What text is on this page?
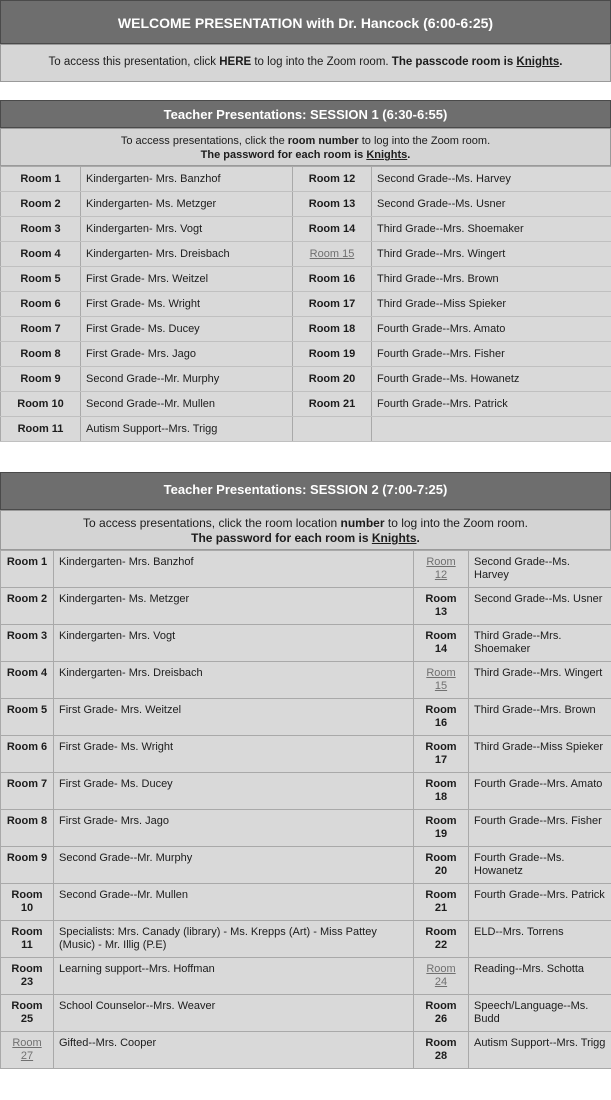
WELCOME PRESENTATION with Dr. Hancock (6:00-6:25)
To access this presentation, click HERE to log into the Zoom room. The passcode room is Knights.
Teacher Presentations: SESSION 1 (6:30-6:55)
To access presentations, click the room number to log into the Zoom room.
The password for each room is Knights.
Room 1	Kindergarten- Mrs. Banzhof	Room 12	Second Grade--Ms. Harvey
Room 2	Kindergarten- Ms. Metzger	Room 13	Second Grade--Ms. Usner
Room 3	Kindergarten- Mrs. Vogt	Room 14	Third Grade--Mrs. Shoemaker
Room 4	Kindergarten- Mrs. Dreisbach	Room 15	Third Grade--Mrs. Wingert
Room 5	First Grade- Mrs. Weitzel	Room 16	Third Grade--Mrs. Brown
Room 6	First Grade- Ms. Wright	Room 17	Third Grade--Miss Spieker
Room 7	First Grade- Ms. Ducey	Room 18	Fourth Grade--Mrs. Amato
Room 8	First Grade- Mrs. Jago	Room 19	Fourth Grade--Mrs. Fisher
Room 9	Second Grade--Mr. Murphy	Room 20	Fourth Grade--Ms. Howanetz
Room 10	Second Grade--Mr. Mullen	Room 21	Fourth Grade--Mrs. Patrick
Room 11	Autism Support--Mrs. Trigg		
Teacher Presentations: SESSION 2 (7:00-7:25)
To access presentations, click the room location number to log into the Zoom room.
The password for each room is Knights.
Room 1	Kindergarten- Mrs. Banzhof	Room 12	Second Grade--Ms. Harvey
Room 2	Kindergarten- Ms. Metzger	Room 13	Second Grade--Ms. Usner
Room 3	Kindergarten- Mrs. Vogt	Room 14	Third Grade--Mrs. Shoemaker
Room 4	Kindergarten- Mrs. Dreisbach	Room 15	Third Grade--Mrs. Wingert
Room 5	First Grade- Mrs. Weitzel	Room 16	Third Grade--Mrs. Brown
Room 6	First Grade- Ms. Wright	Room 17	Third Grade--Miss Spieker
Room 7	First Grade- Ms. Ducey	Room 18	Fourth Grade--Mrs. Amato
Room 8	First Grade- Mrs. Jago	Room 19	Fourth Grade--Mrs. Fisher
Room 9	Second Grade--Mr. Murphy	Room 20	Fourth Grade--Ms. Howanetz
Room 10	Second Grade--Mr. Mullen	Room 21	Fourth Grade--Mrs. Patrick
Room 11	Specialists: Mrs. Canady (library) - Ms. Krepps (Art) - Miss Pattey (Music) - Mr. Illig (P.E)	Room 22	ELD--Mrs. Torrens
Room 23	Learning support--Mrs. Hoffman	Room 24	Reading--Mrs. Schotta
Room 25	School Counselor--Mrs. Weaver	Room 26	Speech/Language--Ms. Budd
Room 27	Gifted--Mrs. Cooper	Room 28	Autism Support--Mrs. Trigg
